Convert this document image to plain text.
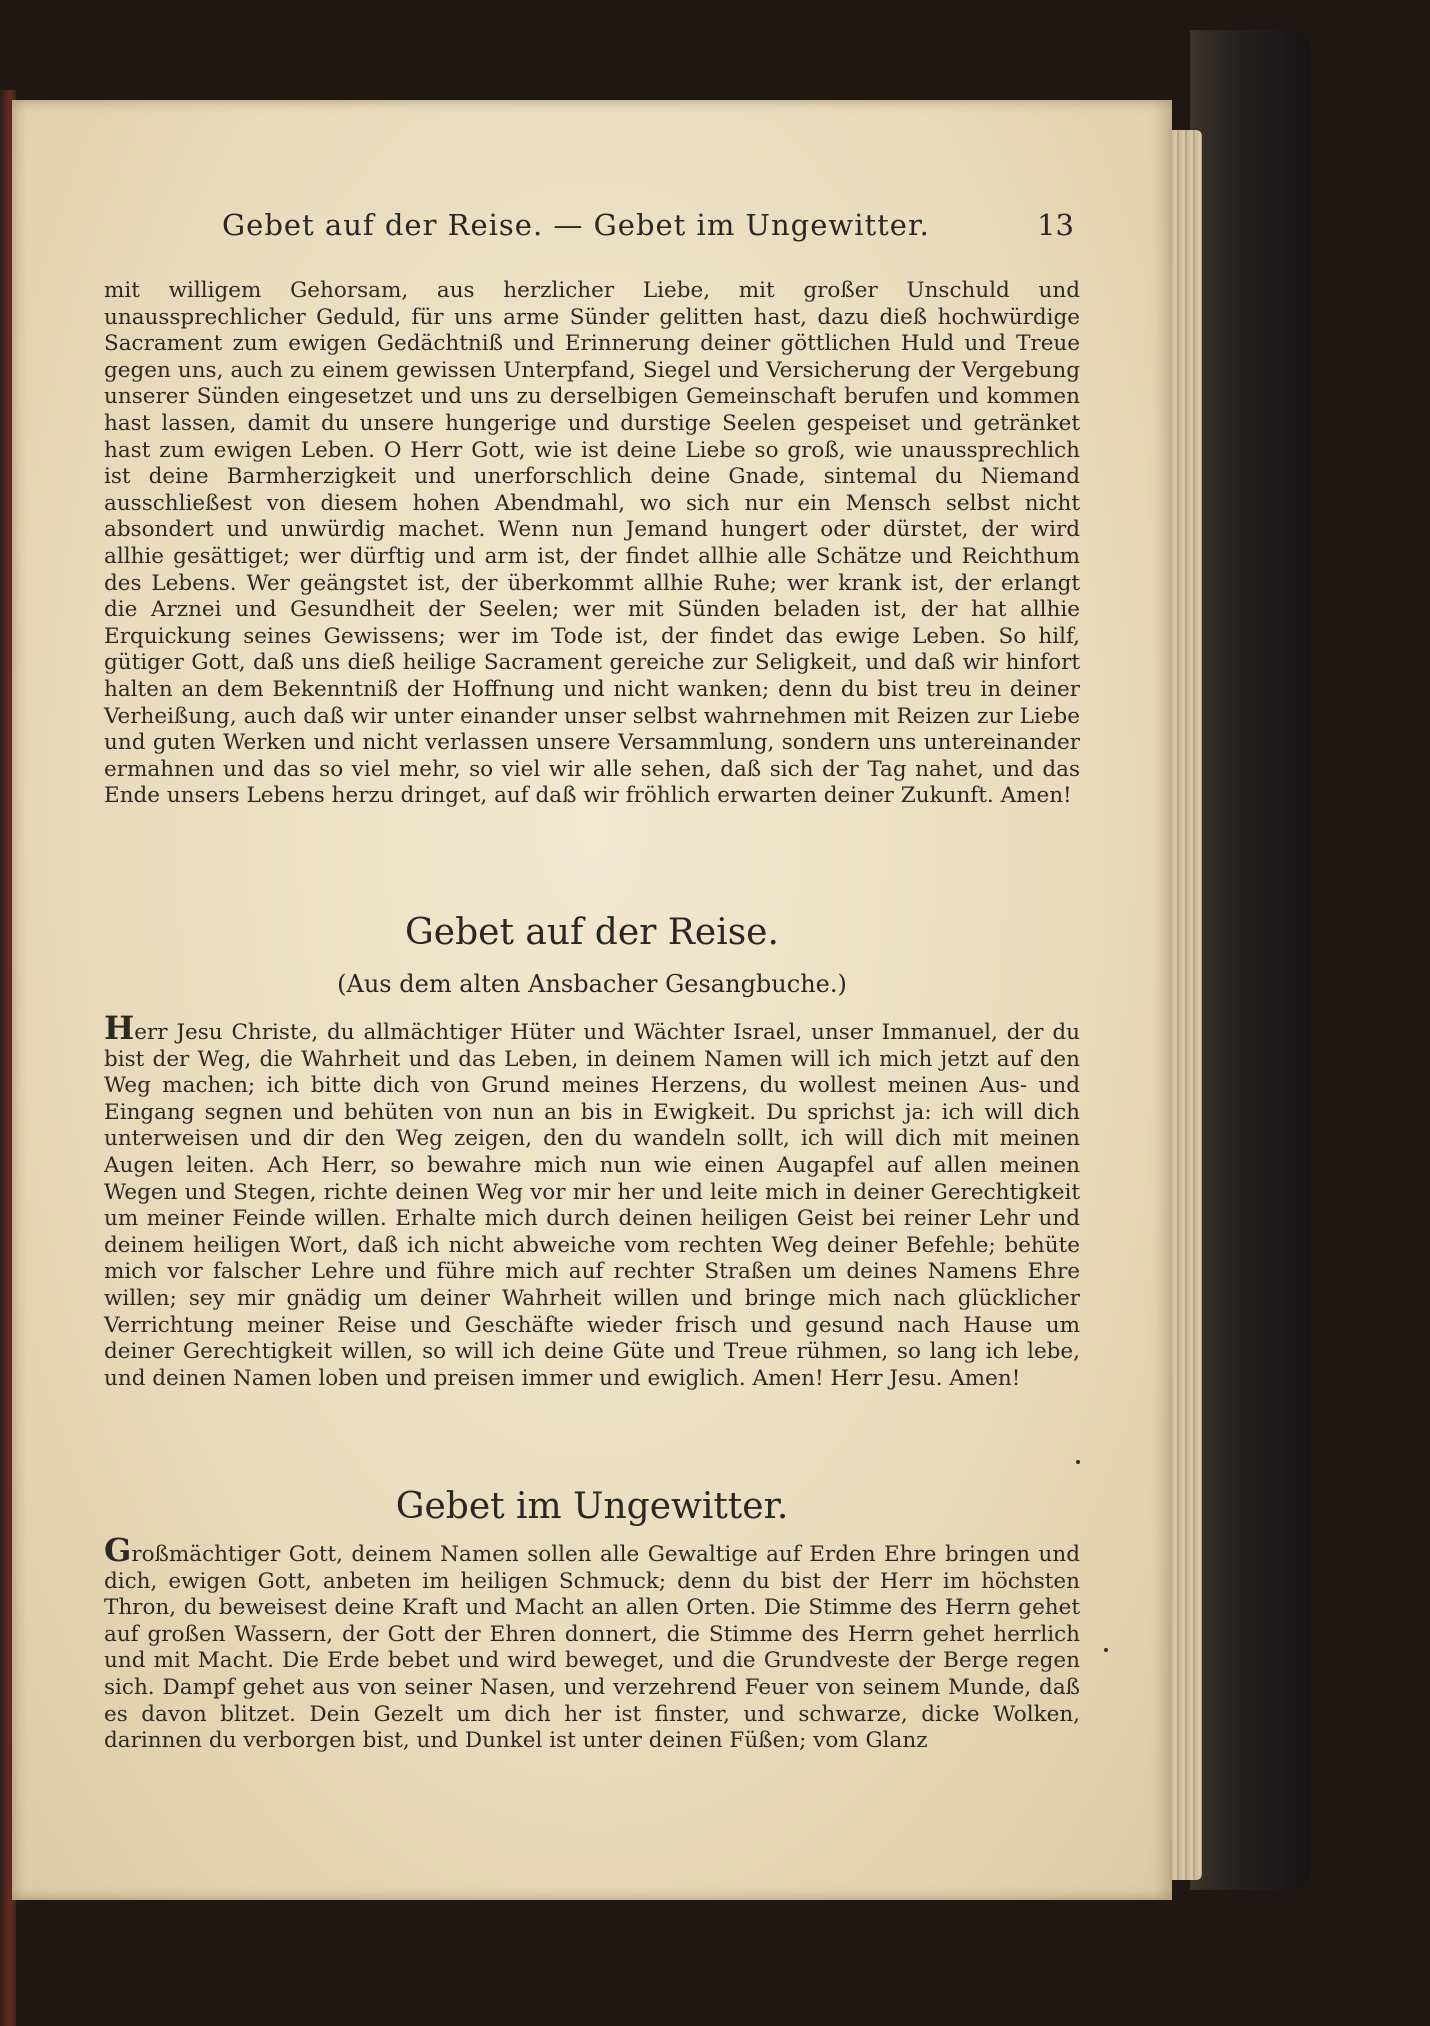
Gebet auf der Reise. — Gebet im Ungewitter.	13
mit willigem Gehorsam, aus herzlicher Liebe, mit großer Unschuld und unaussprechlicher Geduld, für uns arme Sünder gelitten hast, dazu dieß hochwürdige Sacrament zum ewigen Gedächtniß und Erinnerung deiner göttlichen Huld und Treue gegen uns, auch zu einem gewissen Unterpfand, Siegel und Versicherung der Vergebung unserer Sünden eingesetzet und uns zu derselbigen Gemeinschaft berufen und kommen hast lassen, damit du unsere hungerige und durstige Seelen gespeiset und getränket hast zum ewigen Leben. O Herr Gott, wie ist deine Liebe so groß, wie unaussprechlich ist deine Barmherzigkeit und unerforschlich deine Gnade, sintemal du Niemand ausschließest von diesem hohen Abendmahl, wo sich nur ein Mensch selbst nicht absondert und unwürdig machet. Wenn nun Jemand hungert oder dürstet, der wird allhie gesättiget; wer dürftig und arm ist, der findet allhie alle Schätze und Reichthum des Lebens. Wer geängstet ist, der überkommt allhie Ruhe; wer krank ist, der erlangt die Arznei und Gesundheit der Seelen; wer mit Sünden beladen ist, der hat allhie Erquickung seines Gewissens; wer im Tode ist, der findet das ewige Leben. So hilf, gütiger Gott, daß uns dieß heilige Sacrament gereiche zur Seligkeit, und daß wir hinfort halten an dem Bekenntniß der Hoffnung und nicht wanken; denn du bist treu in deiner Verheißung, auch daß wir unter einander unser selbst wahrnehmen mit Reizen zur Liebe und guten Werken und nicht verlassen unsere Versammlung, sondern uns untereinander ermahnen und das so viel mehr, so viel wir alle sehen, daß sich der Tag nahet, und das Ende unsers Lebens herzu dringet, auf daß wir fröhlich erwarten deiner Zukunft. Amen!
Gebet auf der Reise.
(Aus dem alten Ansbacher Gesangbuche.)
Herr Jesu Christe, du allmächtiger Hüter und Wächter Israel, unser Immanuel, der du bist der Weg, die Wahrheit und das Leben, in deinem Namen will ich mich jetzt auf den Weg machen; ich bitte dich von Grund meines Herzens, du wollest meinen Aus- und Eingang segnen und behüten von nun an bis in Ewigkeit. Du sprichst ja: ich will dich unterweisen und dir den Weg zeigen, den du wandeln sollt, ich will dich mit meinen Augen leiten. Ach Herr, so bewahre mich nun wie einen Augapfel auf allen meinen Wegen und Stegen, richte deinen Weg vor mir her und leite mich in deiner Gerechtigkeit um meiner Feinde willen. Erhalte mich durch deinen heiligen Geist bei reiner Lehr und deinem heiligen Wort, daß ich nicht abweiche vom rechten Weg deiner Befehle; behüte mich vor falscher Lehre und führe mich auf rechter Straßen um deines Namens Ehre willen; sey mir gnädig um deiner Wahrheit willen und bringe mich nach glücklicher Verrichtung meiner Reise und Geschäfte wieder frisch und gesund nach Hause um deiner Gerechtigkeit willen, so will ich deine Güte und Treue rühmen, so lang ich lebe, und deinen Namen loben und preisen immer und ewiglich. Amen! Herr Jesu. Amen!
Gebet im Ungewitter.
Großmächtiger Gott, deinem Namen sollen alle Gewaltige auf Erden Ehre bringen und dich, ewigen Gott, anbeten im heiligen Schmuck; denn du bist der Herr im höchsten Thron, du beweisest deine Kraft und Macht an allen Orten. Die Stimme des Herrn gehet auf großen Wassern, der Gott der Ehren donnert, die Stimme des Herrn gehet herrlich und mit Macht. Die Erde bebet und wird beweget, und die Grundveste der Berge regen sich. Dampf gehet aus von seiner Nasen, und verzehrend Feuer von seinem Munde, daß es davon blitzet. Dein Gezelt um dich her ist finster, und schwarze, dicke Wolken, darinnen du verborgen bist, und Dunkel ist unter deinen Füßen; vom Glanz
